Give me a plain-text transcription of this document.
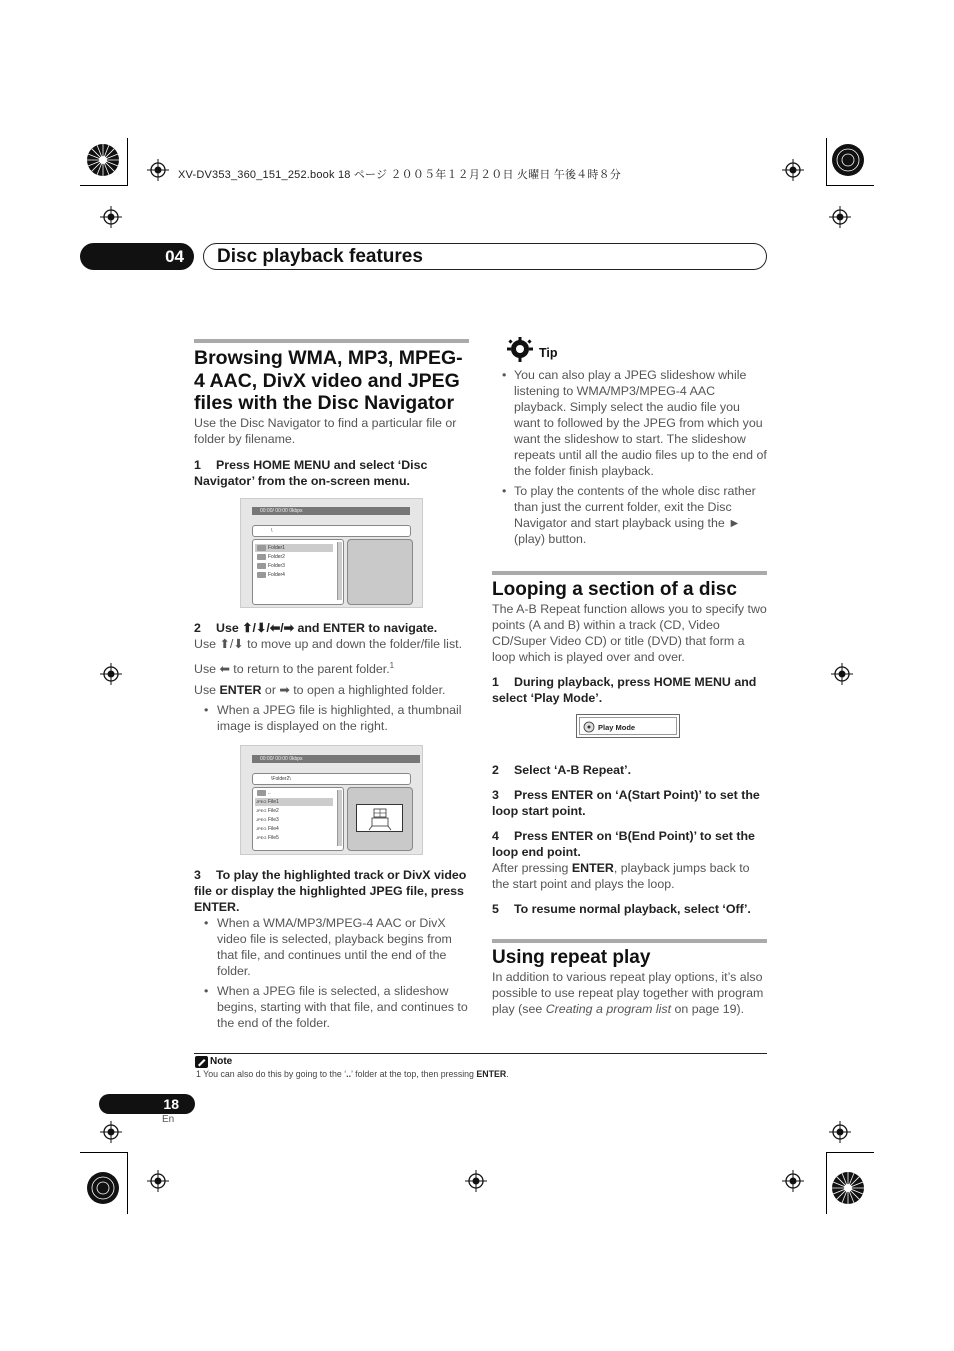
XV-DV353_360_151_252.book 18 ページ ２００５年１２月２０日 火曜日 午後４時８分
04	Disc playback features
Browsing WMA, MP3, MPEG-4 AAC, DivX video and JPEG files with the Disc Navigator

Use the Disc Navigator to find a particular file or folder by filename.

1 Press HOME MENU and select ‘Disc Navigator’ from the on-screen menu.

00:00/ 00:00 0kbps
\
Folder1
Folder2
Folder3
Folder4

2 Use ⬆/⬇/⬅/➡ and ENTER to navigate.

Use ⬆/⬇ to move up and down the folder/file list.

Use ⬅ to return to the parent folder.$^1$

Use ENTER or ➡ to open a highlighted folder.

• When a JPEG file is highlighted, a thumbnail image is displayed on the right.

00:00/ 00:00 0kbps
\Folder2\
..
JPEG File1
JPEG File2
JPEG File3
JPEG File4
JPEG File5

3 To play the highlighted track or DivX video file or display the highlighted JPEG file, press ENTER.

• When a WMA/MP3/MPEG-4 AAC or DivX video file is selected, playback begins from that file, and continues until the end of the folder.

• When a JPEG file is selected, a slideshow begins, starting with that file, and continues to the end of the folder.

Tip

• You can also play a JPEG slideshow while listening to WMA/MP3/MPEG-4 AAC playback. Simply select the audio file you want to followed by the JPEG from which you want the slideshow to start. The slideshow repeats until all the audio files up to the end of the folder finish playback.

• To play the contents of the whole disc rather than just the current folder, exit the Disc Navigator and start playback using the ► (play) button.

Looping a section of a disc

The A-B Repeat function allows you to specify two points (A and B) within a track (CD, Video CD/Super Video CD) or title (DVD) that form a loop which is played over and over.

1 During playback, press HOME MENU and select ‘Play Mode’.

2 Select ‘A-B Repeat’.

3 Press ENTER on ‘A(Start Point)’ to set the loop start point.

4 Press ENTER on ‘B(End Point)’ to set the loop end point.

After pressing ENTER, playback jumps back to the start point and plays the loop.

5 To resume normal playback, select ‘Off’.

Using repeat play

In addition to various repeat play options, it’s also possible to use repeat play together with program play (see Creating a program list on page 19).

Play Mode
Note
1 You can also do this by going to the ‘..’ folder at the top, then pressing ENTER.
18
En
